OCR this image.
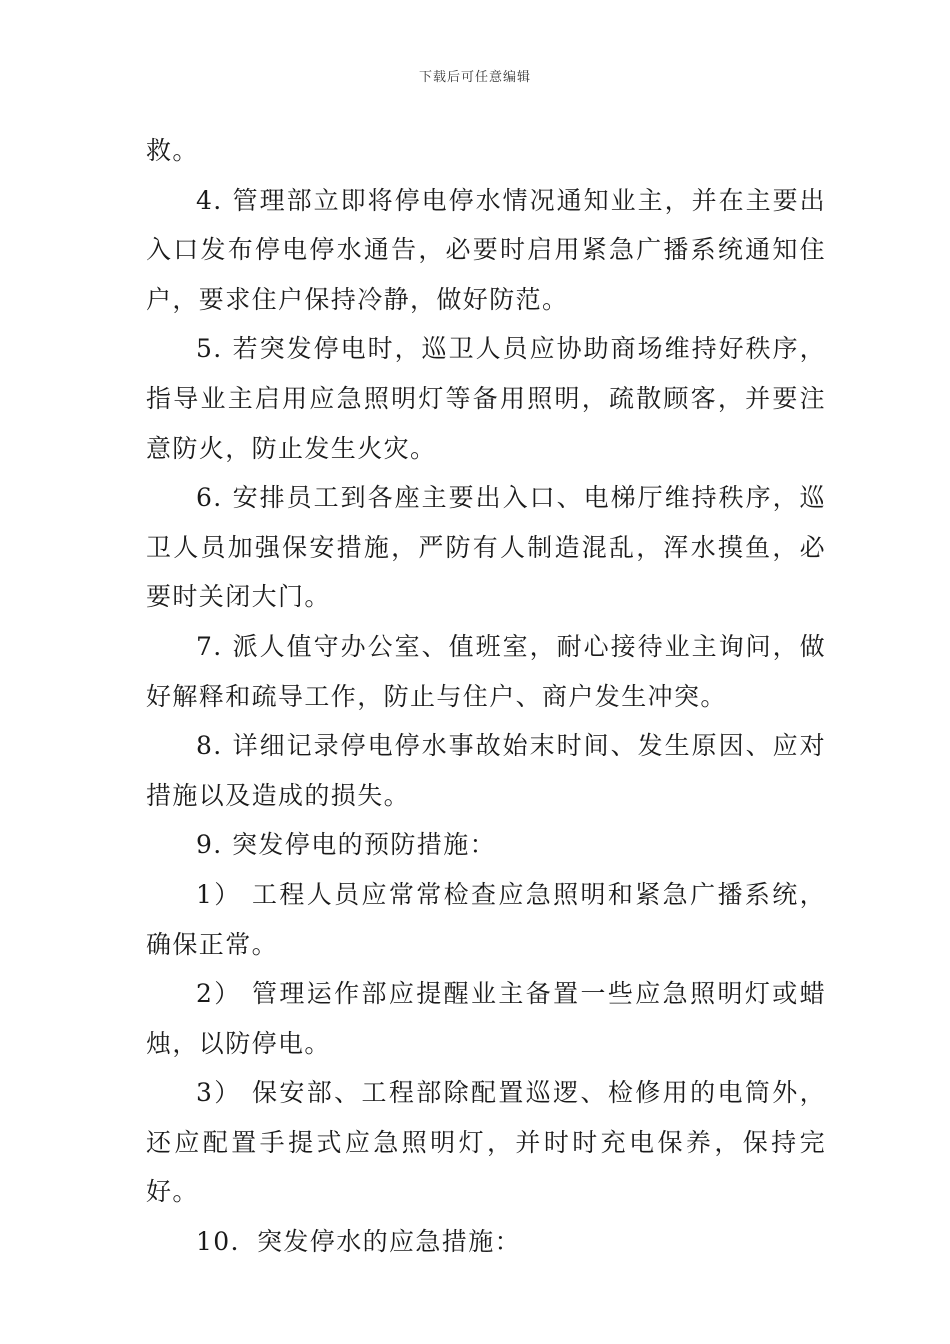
下载后可任意编辑

救。

4. 管理部立即将停电停水情况通知业主，并在主要出入口发布停电停水通告，必要时启用紧急广播系统通知住户，要求住户保持冷静，做好防范。

5. 若突发停电时，巡卫人员应协助商场维持好秩序，指导业主启用应急照明灯等备用照明，疏散顾客，并要注意防火，防止发生火灾。

6. 安排员工到各座主要出入口、电梯厅维持秩序，巡卫人员加强保安措施，严防有人制造混乱，浑水摸鱼，必要时关闭大门。

7. 派人值守办公室、值班室，耐心接待业主询问，做好解释和疏导工作，防止与住户、商户发生冲突。

8. 详细记录停电停水事故始末时间、发生原因、应对措施以及造成的损失。

9. 突发停电的预防措施：

1） 工程人员应常常检查应急照明和紧急广播系统，确保正常。

2） 管理运作部应提醒业主备置一些应急照明灯或蜡烛，以防停电。

3） 保安部、工程部除配置巡逻、检修用的电筒外，还应配置手提式应急照明灯，并时时充电保养，保持完好。

10．突发停水的应急措施：
